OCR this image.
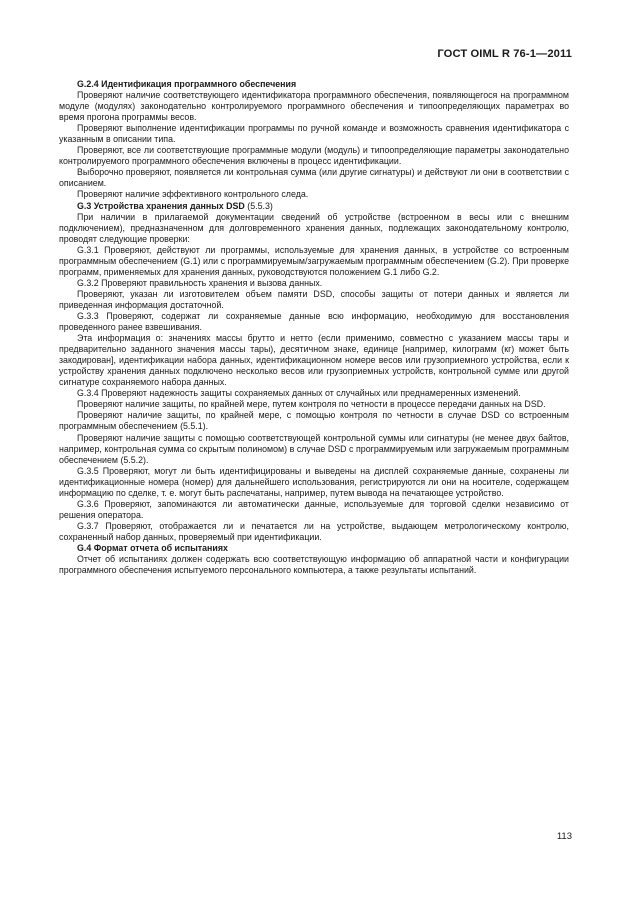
ГОСТ OIML R 76-1—2011

G.2.4 Идентификация программного обеспечения

Проверяют наличие соответствующего идентификатора программного обеспечения, появляющегося на программном модуле (модулях) законодательно контролируемого программного обеспечения и типоопределяющих параметрах во время прогона программы весов.

Проверяют выполнение идентификации программы по ручной команде и возможность сравнения идентификатора с указанным в описании типа.

Проверяют, все ли соответствующие программные модули (модуль) и типоопределяющие параметры законодательно контролируемого программного обеспечения включены в процесс идентификации.

Выборочно проверяют, появляется ли контрольная сумма (или другие сигнатуры) и действуют ли они в соответствии с описанием.

Проверяют наличие эффективного контрольного следа.

G.3 Устройства хранения данных DSD (5.5.3)

При наличии в прилагаемой документации сведений об устройстве (встроенном в весы или с внешним подключением), предназначенном для долговременного хранения данных, подлежащих законодательному контролю, проводят следующие проверки:

G.3.1 Проверяют, действуют ли программы, используемые для хранения данных, в устройстве со встроенным программным обеспечением (G.1) или с программируемым/загружаемым программным обеспечением (G.2). При проверке программ, применяемых для хранения данных, руководствуются положением G.1 либо G.2.

G.3.2 Проверяют правильность хранения и вызова данных.

Проверяют, указан ли изготовителем объем памяти DSD, способы защиты от потери данных и является ли приведенная информация достаточной.

G.3.3 Проверяют, содержат ли сохраняемые данные всю информацию, необходимую для восстановления проведенного ранее взвешивания.

Эта информация о: значениях массы брутто и нетто (если применимо, совместно с указанием массы тары и предварительно заданного значения массы тары), десятичном знаке, единице [например, килограмм (кг) может быть закодирован], идентификации набора данных, идентификационном номере весов или грузоприемного устройства, если к устройству хранения данных подключено несколько весов или грузоприемных устройств, контрольной сумме или другой сигнатуре сохраняемого набора данных.

G.3.4 Проверяют надежность защиты сохраняемых данных от случайных или преднамеренных изменений.

Проверяют наличие защиты, по крайней мере, путем контроля по четности в процессе передачи данных на DSD.

Проверяют наличие защиты, по крайней мере, с помощью контроля по четности в случае DSD со встроенным программным обеспечением (5.5.1).

Проверяют наличие защиты с помощью соответствующей контрольной суммы или сигнатуры (не менее двух байтов, например, контрольная сумма со скрытым полиномом) в случае DSD с программируемым или загружаемым программным обеспечением (5.5.2).

G.3.5 Проверяют, могут ли быть идентифицированы и выведены на дисплей сохраняемые данные, сохранены ли идентификационные номера (номер) для дальнейшего использования, регистрируются ли они на носителе, содержащем информацию по сделке, т. е. могут быть распечатаны, например, путем вывода на печатающее устройство.

G.3.6 Проверяют, запоминаются ли автоматически данные, используемые для торговой сделки независимо от решения оператора.

G.3.7 Проверяют, отображается ли и печатается ли на устройстве, выдающем метрологическому контролю, сохраненный набор данных, проверяемый при идентификации.

G.4 Формат отчета об испытаниях

Отчет об испытаниях должен содержать всю соответствующую информацию об аппаратной части и конфигурации программного обеспечения испытуемого персонального компьютера, а также результаты испытаний.

113
